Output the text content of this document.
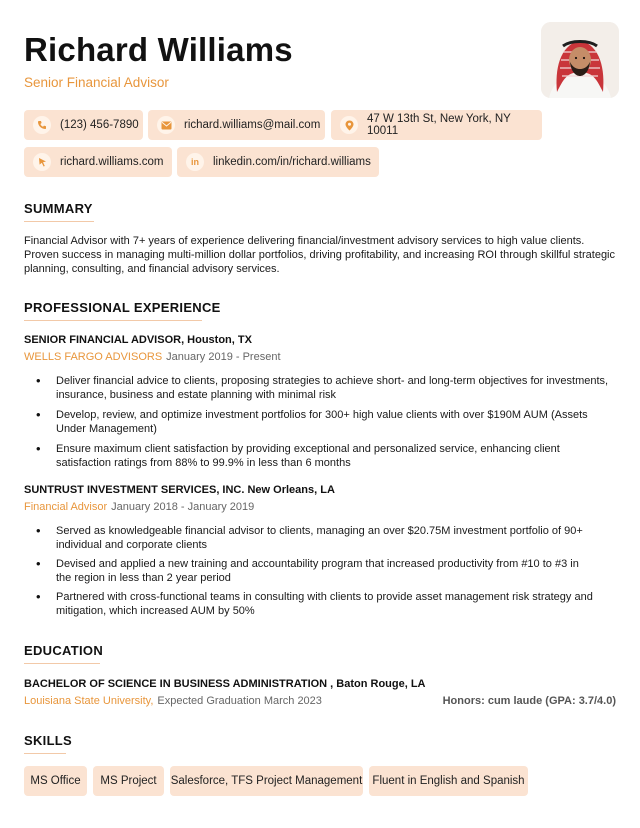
Richard Williams
Senior Financial Advisor
(123) 456-7890	richard.williams@mail.com	47 W 13th St, New York, NY 10011
richard.williams.com	in	linkedin.com/in/richard.williams
SUMMARY
Financial Advisor with 7+ years of experience delivering financial/investment advisory services to high value clients. Proven success in managing multi-million dollar portfolios, driving profitability, and increasing ROI through skillful strategic planning, consulting, and financial advisory services.
PROFESSIONAL EXPERIENCE
SENIOR FINANCIAL ADVISOR, Houston, TX
WELLS FARGO ADVISORS January 2019 - Present
• Deliver financial advice to clients, proposing strategies to achieve short- and long-term objectives for investments, insurance, business and estate planning with minimal risk
• Develop, review, and optimize investment portfolios for 300+ high value clients with over $190M AUM (Assets Under Management)
• Ensure maximum client satisfaction by providing exceptional and personalized service, enhancing client satisfaction ratings from 88% to 99.9% in less than 6 months
SUNTRUST INVESTMENT SERVICES, INC. New Orleans, LA
Financial Advisor January 2018 - January 2019
• Served as knowledgeable financial advisor to clients, managing an over $20.75M investment portfolio of 90+ individual and corporate clients
• Devised and applied a new training and accountability program that increased productivity from #10 to #3 in the region in less than 2 year period
• Partnered with cross-functional teams in consulting with clients to provide asset management risk strategy and mitigation, which increased AUM by 50%
EDUCATION
BACHELOR OF SCIENCE IN BUSINESS ADMINISTRATION , Baton Rouge, LA
Louisiana State University, Expected Graduation March 2023	Honors: cum laude (GPA: 3.7/4.0)
SKILLS
MS Office	MS Project	Salesforce, TFS Project Management Fluent in English and Spanish
